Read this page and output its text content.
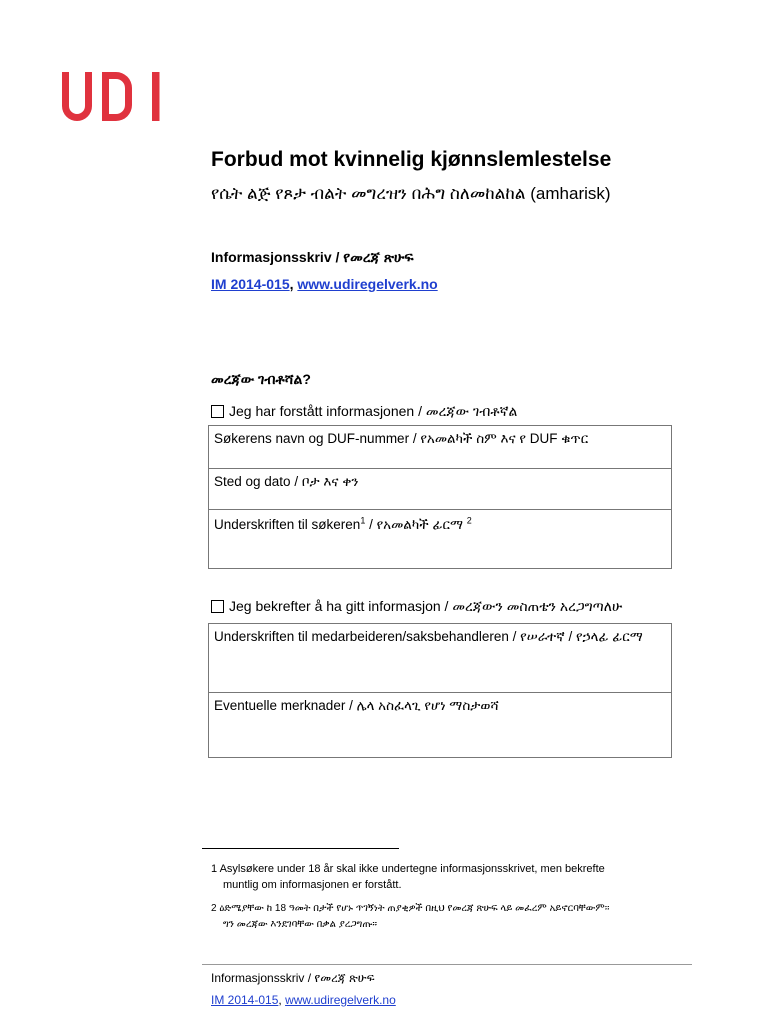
Forbud mot kvinnelig kjønnslemlestelse
የሴት ልጅ የጾታ ብልት መግረዝን በሕግ ስለመከልከል (amharisk)
Informasjonsskriv / የመረጃ ጽሁፍ
IM 2014-015, www.udiregelverk.no
መረጃው ገብቶሻል?
Jeg har forstått informasjonen / መረጃው ገብቶኛል
Søkerens navn og DUF-nummer / የአመልካች ስም እና የ DUF ቁጥር
Sted og dato / ቦታ እና ቀን
Underskriften til søkeren$^1$ / የአመልካች ፊርማ $^2$
Jeg bekrefter å ha gitt informasjon / መረጃውን መስጠቴን አረጋግጣለሁ
Underskriften til medarbeideren/saksbehandleren / የሠራተኛ / የኃላፊ ፊርማ
Eventuelle merknader / ሌላ አስፈላጊ የሆነ ማስታወሻ
1 Asylsøkere under 18 år skal ikke undertegne informasjonsskrivet, men bekrefte
muntlig om informasjonen er forstått.
2 ዕድሜያቸው ከ 18 ዓመት በታች የሆኑ ጥገኝነት ጠያቂዎች በዚህ የመረጃ ጽሁፍ ላይ መፈረም አይኖርባቸውም፡፡
ግን መረጃው እንደገባቸው በቃል ያረጋግጡ።
Informasjonsskriv / የመረጃ ጽሁፍ
IM 2014-015, www.udiregelverk.no
